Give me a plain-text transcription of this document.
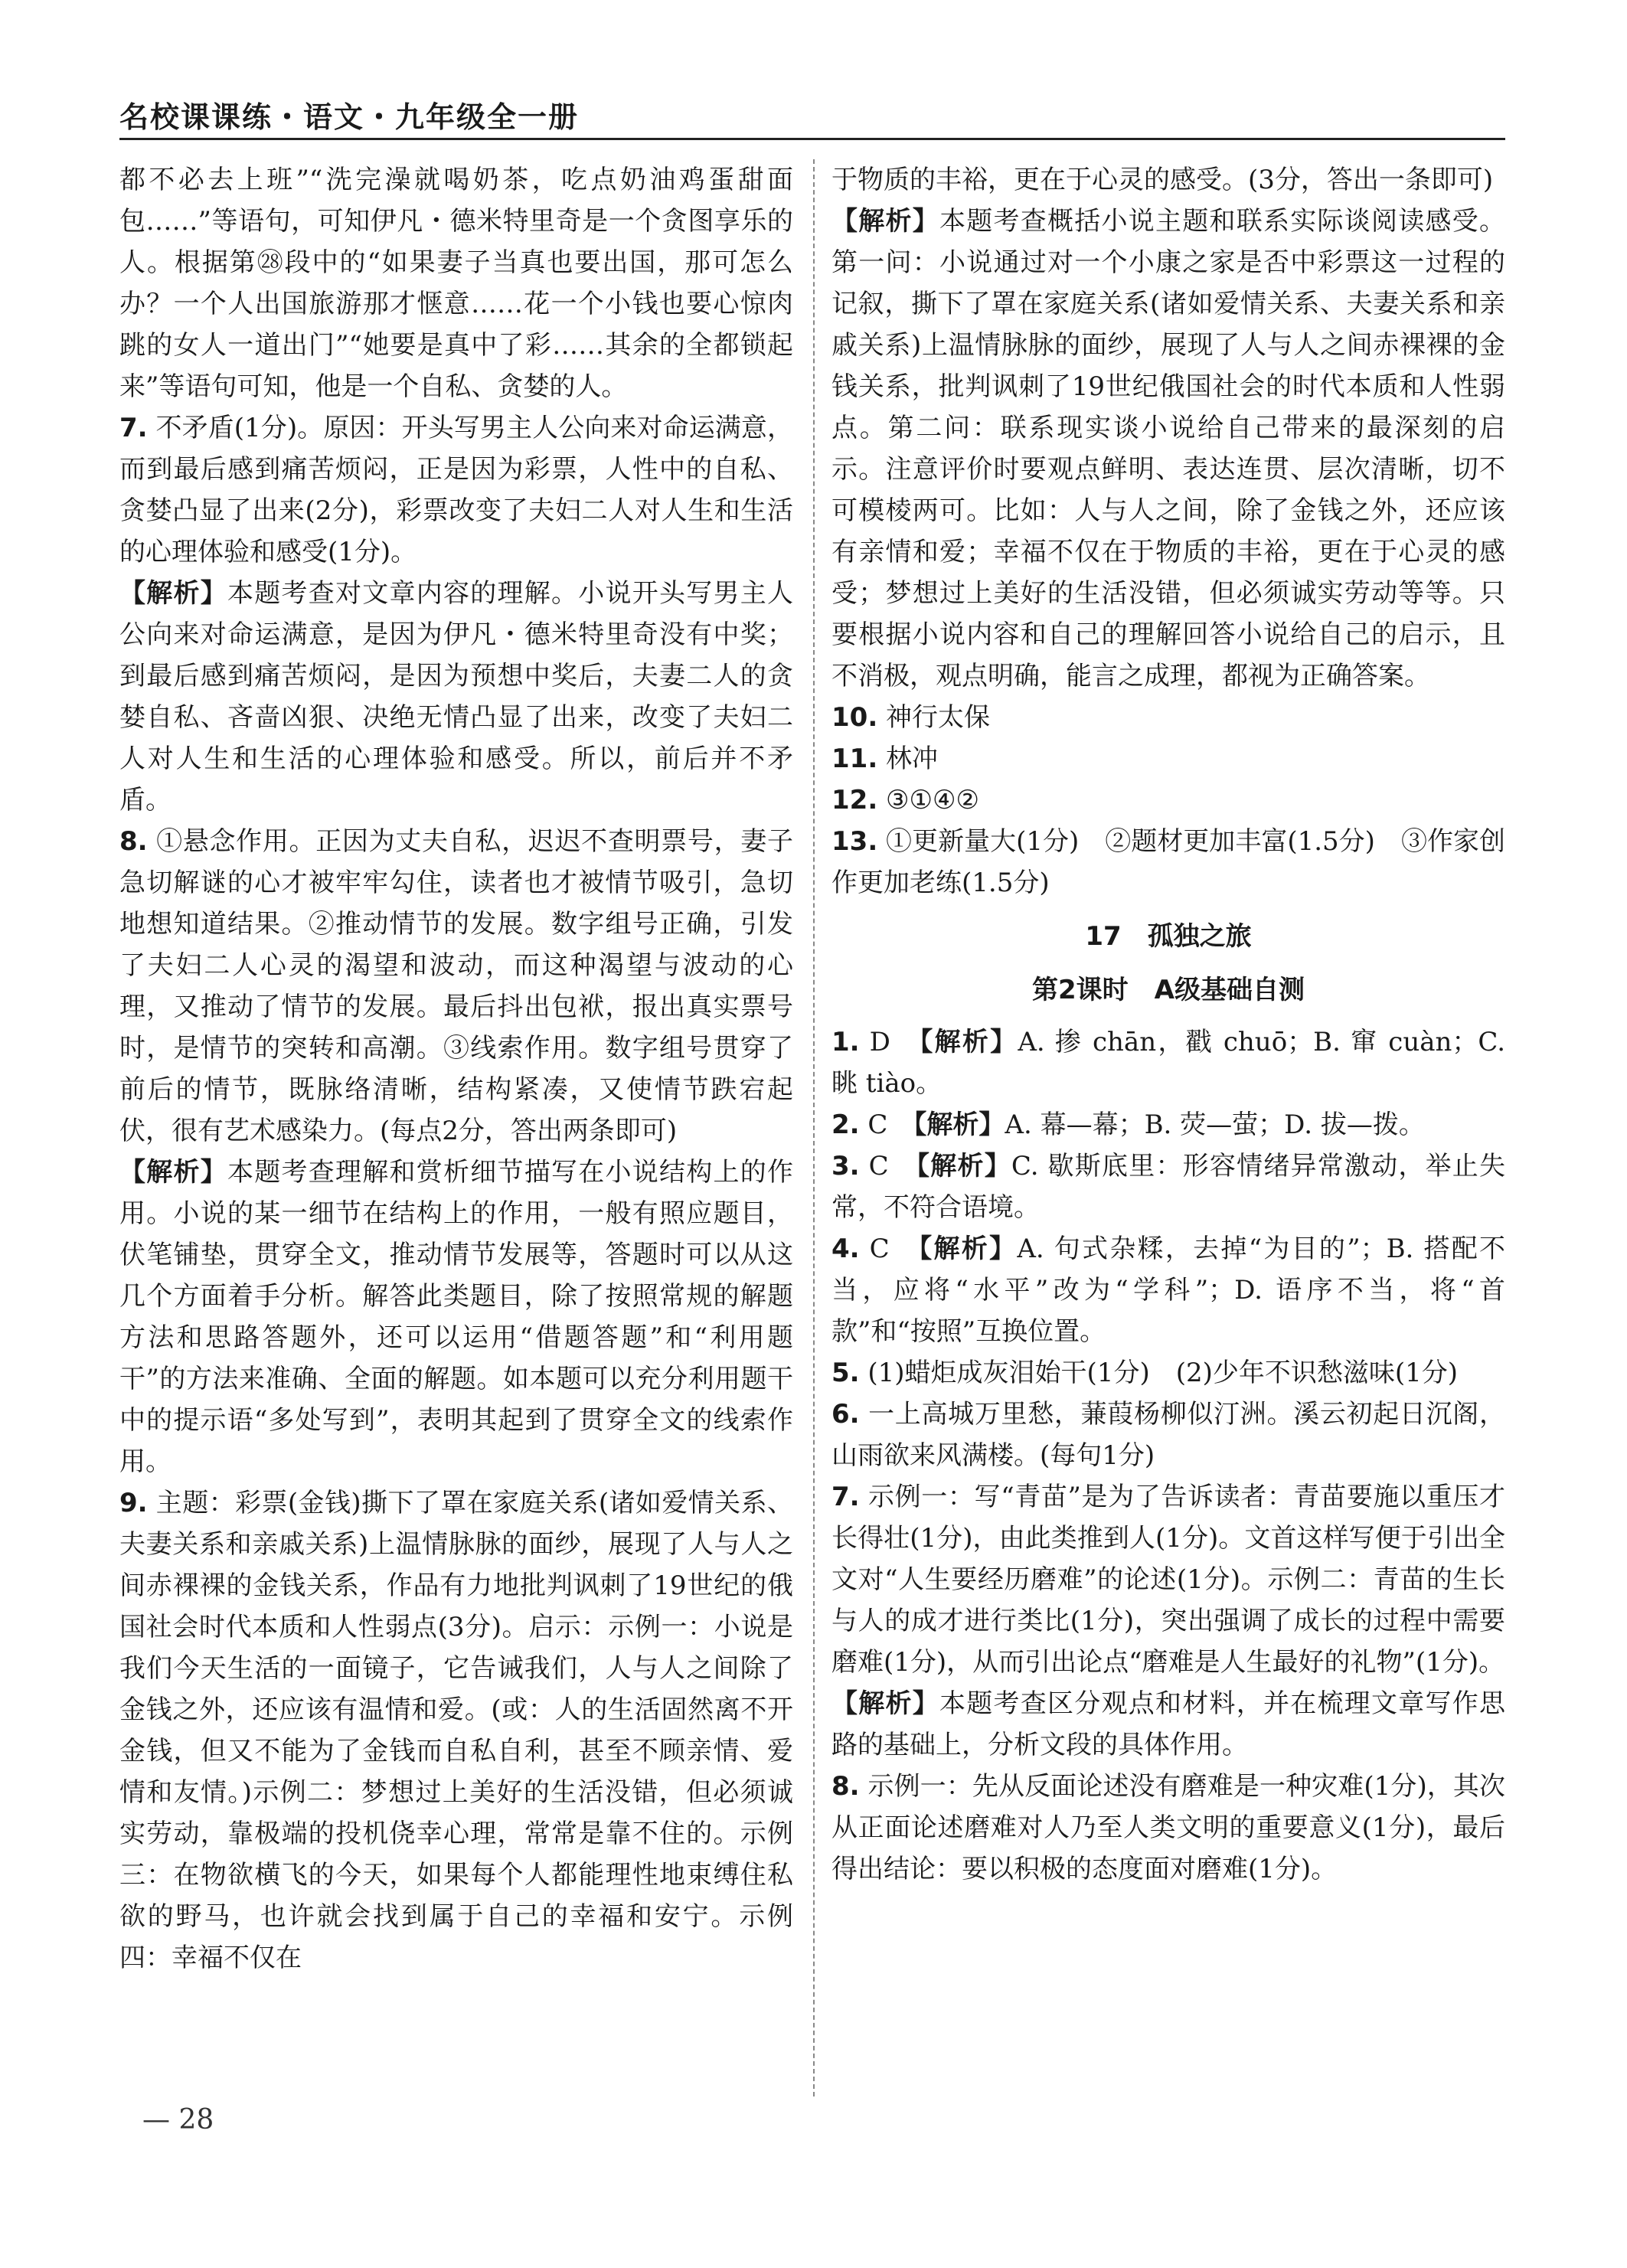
名校课课练・语文・九年级全一册

都不必去上班”“洗完澡就喝奶茶，吃点奶油鸡蛋甜面包……”等语句，可知伊凡・德米特里奇是一个贪图享乐的人。根据第㉘段中的“如果妻子当真也要出国，那可怎么办？一个人出国旅游那才惬意……花一个小钱也要心惊肉跳的女人一道出门”“她要是真中了彩……其余的全都锁起来”等语句可知，他是一个自私、贪婪的人。

7. 不矛盾(1分)。原因：开头写男主人公向来对命运满意，而到最后感到痛苦烦闷，正是因为彩票，人性中的自私、贪婪凸显了出来(2分)，彩票改变了夫妇二人对人生和生活的心理体验和感受(1分)。

【解析】本题考查对文章内容的理解。小说开头写男主人公向来对命运满意，是因为伊凡・德米特里奇没有中奖；到最后感到痛苦烦闷，是因为预想中奖后，夫妻二人的贪婪自私、吝啬凶狠、决绝无情凸显了出来，改变了夫妇二人对人生和生活的心理体验和感受。所以，前后并不矛盾。

8. ①悬念作用。正因为丈夫自私，迟迟不查明票号，妻子急切解谜的心才被牢牢勾住，读者也才被情节吸引，急切地想知道结果。②推动情节的发展。数字组号正确，引发了夫妇二人心灵的渴望和波动，而这种渴望与波动的心理，又推动了情节的发展。最后抖出包袱，报出真实票号时，是情节的突转和高潮。③线索作用。数字组号贯穿了前后的情节，既脉络清晰，结构紧凑，又使情节跌宕起伏，很有艺术感染力。(每点2分，答出两条即可)

【解析】本题考查理解和赏析细节描写在小说结构上的作用。小说的某一细节在结构上的作用，一般有照应题目，伏笔铺垫，贯穿全文，推动情节发展等，答题时可以从这几个方面着手分析。解答此类题目，除了按照常规的解题方法和思路答题外，还可以运用“借题答题”和“利用题干”的方法来准确、全面的解题。如本题可以充分利用题干中的提示语“多处写到”，表明其起到了贯穿全文的线索作用。

9. 主题：彩票(金钱)撕下了罩在家庭关系(诸如爱情关系、夫妻关系和亲戚关系)上温情脉脉的面纱，展现了人与人之间赤裸裸的金钱关系，作品有力地批判讽刺了19世纪的俄国社会时代本质和人性弱点(3分)。启示：示例一：小说是我们今天生活的一面镜子，它告诫我们，人与人之间除了金钱之外，还应该有温情和爱。(或：人的生活固然离不开金钱，但又不能为了金钱而自私自利，甚至不顾亲情、爱情和友情。)示例二：梦想过上美好的生活没错，但必须诚实劳动，靠极端的投机侥幸心理，常常是靠不住的。示例三：在物欲横飞的今天，如果每个人都能理性地束缚住私欲的野马，也许就会找到属于自己的幸福和安宁。示例四：幸福不仅在

于物质的丰裕，更在于心灵的感受。(3分，答出一条即可)

【解析】本题考查概括小说主题和联系实际谈阅读感受。第一问：小说通过对一个小康之家是否中彩票这一过程的记叙，撕下了罩在家庭关系(诸如爱情关系、夫妻关系和亲戚关系)上温情脉脉的面纱，展现了人与人之间赤裸裸的金钱关系，批判讽刺了19世纪俄国社会的时代本质和人性弱点。第二问：联系现实谈小说给自己带来的最深刻的启示。注意评价时要观点鲜明、表达连贯、层次清晰，切不可模棱两可。比如：人与人之间，除了金钱之外，还应该有亲情和爱；幸福不仅在于物质的丰裕，更在于心灵的感受；梦想过上美好的生活没错，但必须诚实劳动等等。只要根据小说内容和自己的理解回答小说给自己的启示，且不消极，观点明确，能言之成理，都视为正确答案。

10. 神行太保

11. 林冲

12. ③①④②

13. ①更新量大(1分)　②题材更加丰富(1.5分)　③作家创作更加老练(1.5分)

17　孤独之旅

第2课时　A级基础自测

1. D　【解析】A. 掺 chān，戳 chuō；B. 窜 cuàn；C. 眺 tiào。

2. C　【解析】A. 幕—幕；B. 荧—萤；D. 拔—拨。

3. C　【解析】C. 歇斯底里：形容情绪异常激动，举止失常，不符合语境。

4. C　【解析】A. 句式杂糅，去掉“为目的”；B. 搭配不当，应将“水平”改为“学科”；D. 语序不当，将“首款”和“按照”互换位置。

5. (1)蜡炬成灰泪始干(1分)　(2)少年不识愁滋味(1分)

6. 一上高城万里愁，蒹葭杨柳似汀洲。溪云初起日沉阁，山雨欲来风满楼。(每句1分)

7. 示例一：写“青苗”是为了告诉读者：青苗要施以重压才长得壮(1分)，由此类推到人(1分)。文首这样写便于引出全文对“人生要经历磨难”的论述(1分)。示例二：青苗的生长与人的成才进行类比(1分)，突出强调了成长的过程中需要磨难(1分)，从而引出论点“磨难是人生最好的礼物”(1分)。

【解析】本题考查区分观点和材料，并在梳理文章写作思路的基础上，分析文段的具体作用。

8. 示例一：先从反面论述没有磨难是一种灾难(1分)，其次从正面论述磨难对人乃至人类文明的重要意义(1分)，最后得出结论：要以积极的态度面对磨难(1分)。

— 28
